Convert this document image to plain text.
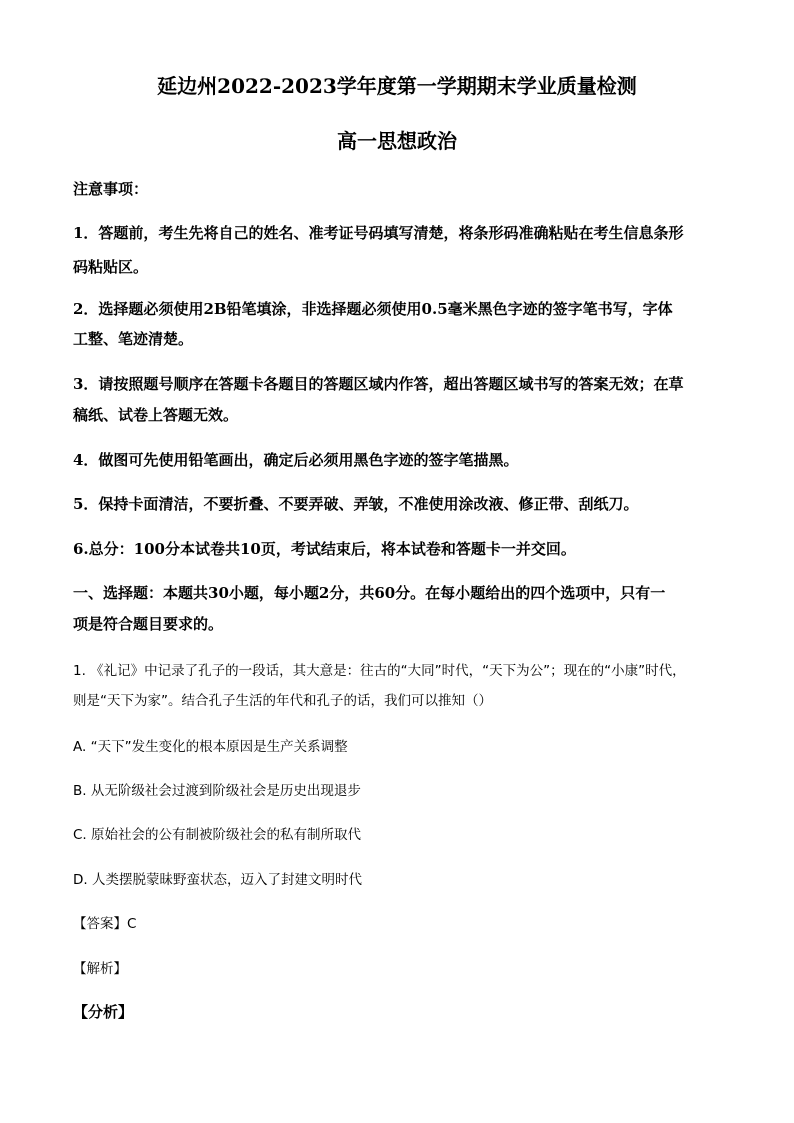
延边州2022-2023学年度第一学期期末学业质量检测
高一思想政治
注意事项：
1．答题前，考生先将自己的姓名、准考证号码填写清楚，将条形码准确粘贴在考生信息条形
码粘贴区。
2．选择题必须使用2B铅笔填涂，非选择题必须使用0.5毫米黑色字迹的签字笔书写，字体
工整、笔迹清楚。
3．请按照题号顺序在答题卡各题目的答题区域内作答，超出答题区域书写的答案无效；在草
稿纸、试卷上答题无效。
4．做图可先使用铅笔画出，确定后必须用黑色字迹的签字笔描黑。
5．保持卡面清洁，不要折叠、不要弄破、弄皱，不准使用涂改液、修正带、刮纸刀。
6.总分：100分本试卷共10页，考试结束后，将本试卷和答题卡一并交回。
一、选择题：本题共30小题，每小题2分，共60分。在每小题给出的四个选项中，只有一
项是符合题目要求的。
1. 《礼记》中记录了孔子的一段话，其大意是：往古的“大同”时代，“天下为公”；现在的“小康”时代，
则是“天下为家”。结合孔子生活的年代和孔子的话，我们可以推知（）
A. “天下”发生变化的根本原因是生产关系调整
B. 从无阶级社会过渡到阶级社会是历史出现退步
C. 原始社会的公有制被阶级社会的私有制所取代
D. 人类摆脱蒙昧野蛮状态，迈入了封建文明时代
【答案】C
【解析】
【分析】
